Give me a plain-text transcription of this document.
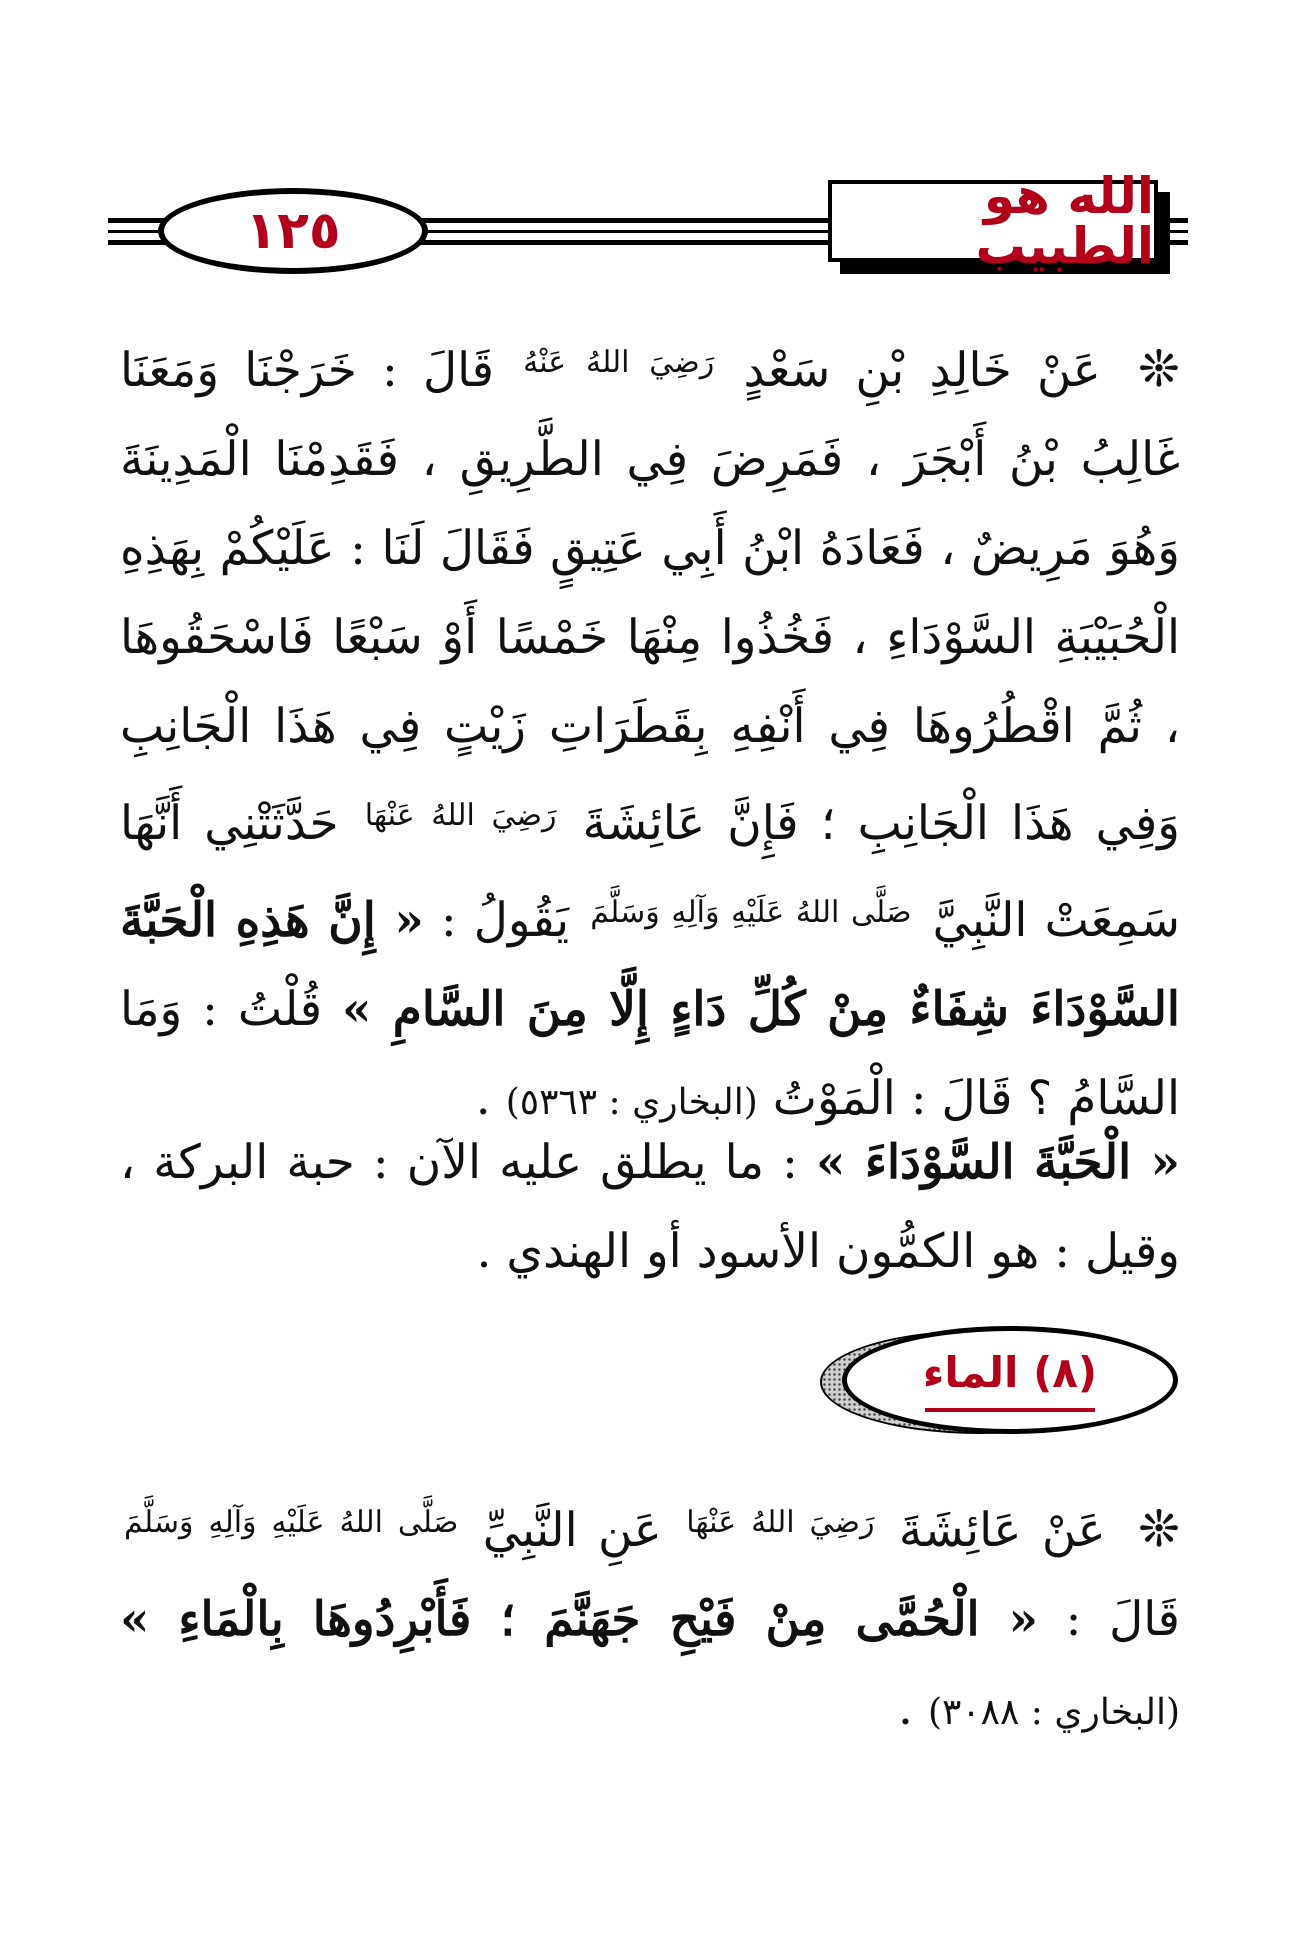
١٢٥
الله هو الطبيب

❊ عَنْ خَالِدِ بْنِ سَعْدٍ $^{رَضِيَ اللهُ عَنْهُ}$ قَالَ : خَرَجْنَا وَمَعَنَا غَالِبُ بْنُ أَبْجَرَ ، فَمَرِضَ فِي الطَّرِيقِ ، فَقَدِمْنَا الْمَدِينَةَ وَهُوَ مَرِيضٌ ، فَعَادَهُ ابْنُ أَبِي عَتِيقٍ فَقَالَ لَنَا : عَلَيْكُمْ بِهَذِهِ الْحُبَيْبَةِ السَّوْدَاءِ ، فَخُذُوا مِنْهَا خَمْسًا أَوْ سَبْعًا فَاسْحَقُوهَا ، ثُمَّ اقْطُرُوهَا فِي أَنْفِهِ بِقَطَرَاتِ زَيْتٍ فِي هَذَا الْجَانِبِ وَفِي هَذَا الْجَانِبِ ؛ فَإِنَّ عَائِشَةَ $^{رَضِيَ اللهُ عَنْهَا}$ حَدَّثَتْنِي أَنَّهَا سَمِعَتْ النَّبِيَّ $^{صَلَّى اللهُ عَلَيْهِ وَآلِهِ وَسَلَّمَ}$ يَقُولُ : « إِنَّ هَذِهِ الْحَبَّةَ السَّوْدَاءَ شِفَاءٌ مِنْ كُلِّ دَاءٍ إِلَّا مِنَ السَّامِ » قُلْتُ : وَمَا السَّامُ ؟ قَالَ : الْمَوْتُ (البخاري : ٥٣٦٣) .

« الْحَبَّةَ السَّوْدَاءَ » : ما يطلق عليه الآن : حبة البركة ، وقيل : هو الكمُّون الأسود أو الهندي .

(٨) الماء

❊ عَنْ عَائِشَةَ $^{رَضِيَ اللهُ عَنْهَا}$ عَنِ النَّبِيِّ $^{صَلَّى اللهُ عَلَيْهِ وَآلِهِ وَسَلَّمَ}$ قَالَ : « الْحُمَّى مِنْ فَيْحِ جَهَنَّمَ ؛ فَأَبْرِدُوهَا بِالْمَاءِ » (البخاري : ٣٠٨٨) .
